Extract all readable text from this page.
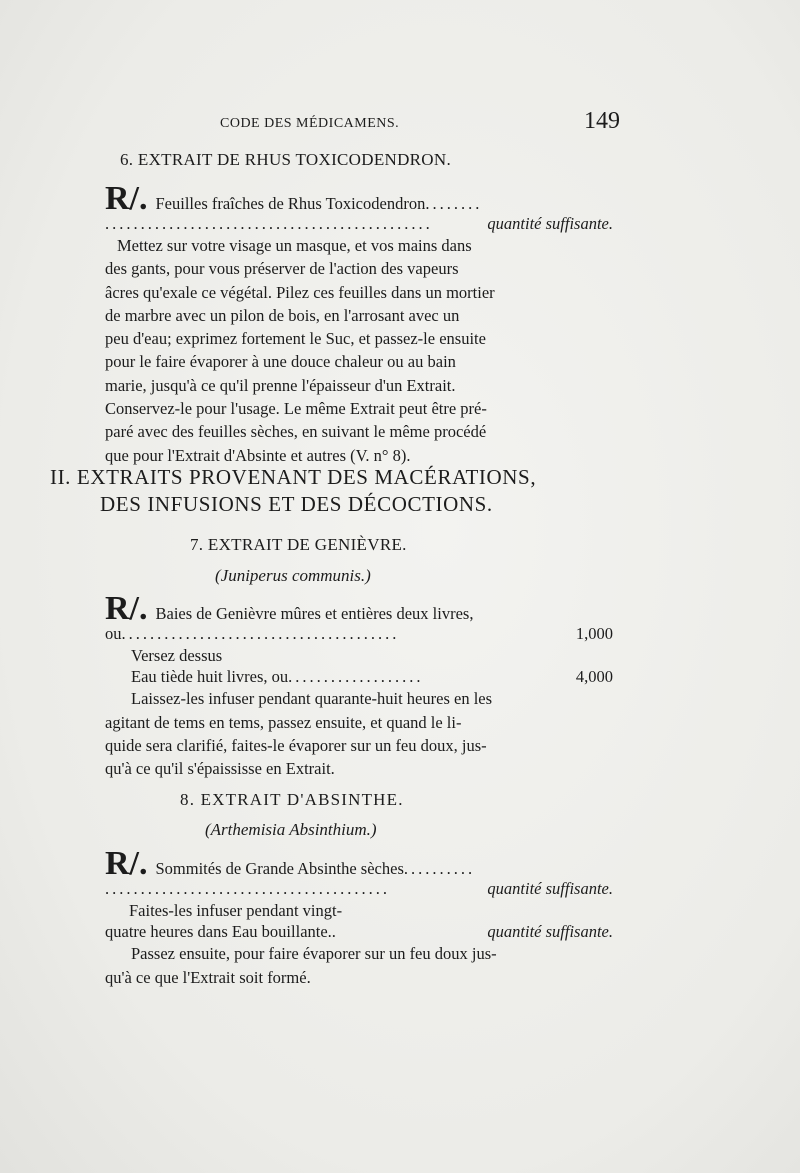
CODE DES MÉDICAMENS.	149
6. EXTRAIT DE RHUS TOXICODENDRON.
R/. Feuilles fraîches de Rhus Toxicodendron ........
..............................................	quantité suffisante.
Mettez sur votre visage un masque, et vos mains dans
des gants, pour vous préserver de l'action des vapeurs
âcres qu'exale ce végétal. Pilez ces feuilles dans un mortier
de marbre avec un pilon de bois, en l'arrosant avec un
peu d'eau; exprimez fortement le Suc, et passez-le ensuite
pour le faire évaporer à une douce chaleur ou au bain
marie, jusqu'à ce qu'il prenne l'épaisseur d'un Extrait.
Conservez-le pour l'usage. Le même Extrait peut être pré-
paré avec des feuilles sèches, en suivant le même procédé
que pour l'Extrait d'Absinte et autres (V. n° 8).
II. EXTRAITS PROVENANT DES MACÉRATIONS,
DES INFUSIONS ET DES DÉCOCTIONS.
7. EXTRAIT DE GENIÈVRE.
(Juniperus communis.)
R/. Baies de Genièvre mûres et entières deux livres,
ou .......................................	1,000
Versez dessus
Eau tiède huit livres, ou ...................	4,000
Laissez-les infuser pendant quarante-huit heures en les
agitant de tems en tems, passez ensuite, et quand le li-
quide sera clarifié, faites-le évaporer sur un feu doux, jus-
qu'à ce qu'il s'épaississe en Extrait.
8. EXTRAIT D'ABSINTHE.
(Arthemisia Absinthium.)
R/. Sommités de Grande Absinthe sèches ..........
........................................	quantité suffisante.
Faites-les infuser pendant vingt-
quatre heures dans Eau bouillante..	quantité suffisante.
Passez ensuite, pour faire évaporer sur un feu doux jus-
qu'à ce que l'Extrait soit formé.
